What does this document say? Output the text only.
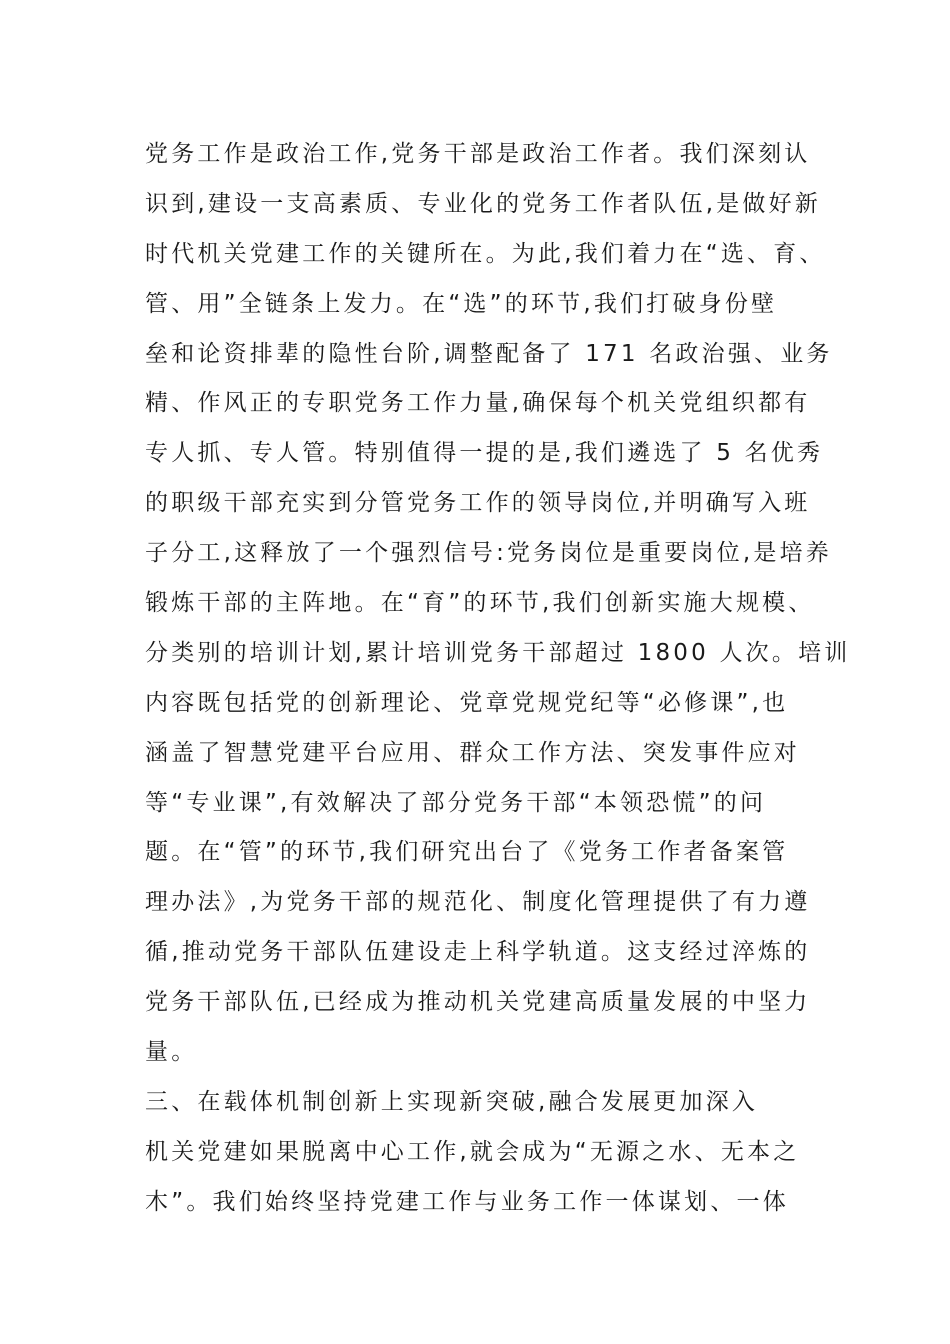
党务工作是政治工作,党务干部是政治工作者。我们深刻认
识到,建设一支高素质、专业化的党务工作者队伍,是做好新
时代机关党建工作的关键所在。为此,我们着力在“选、育、
管、用”全链条上发力。在“选”的环节,我们打破身份壁
垒和论资排辈的隐性台阶,调整配备了 171 名政治强、业务
精、作风正的专职党务工作力量,确保每个机关党组织都有
专人抓、专人管。特别值得一提的是,我们遴选了 5 名优秀
的职级干部充实到分管党务工作的领导岗位,并明确写入班
子分工,这释放了一个强烈信号:党务岗位是重要岗位,是培养
锻炼干部的主阵地。在“育”的环节,我们创新实施大规模、
分类别的培训计划,累计培训党务干部超过 1800 人次。培训
内容既包括党的创新理论、党章党规党纪等“必修课”,也
涵盖了智慧党建平台应用、群众工作方法、突发事件应对
等“专业课”,有效解决了部分党务干部“本领恐慌”的问
题。在“管”的环节,我们研究出台了《党务工作者备案管
理办法》,为党务干部的规范化、制度化管理提供了有力遵
循,推动党务干部队伍建设走上科学轨道。这支经过淬炼的
党务干部队伍,已经成为推动机关党建高质量发展的中坚力
量。
三、在载体机制创新上实现新突破,融合发展更加深入
机关党建如果脱离中心工作,就会成为“无源之水、无本之
木”。我们始终坚持党建工作与业务工作一体谋划、一体
